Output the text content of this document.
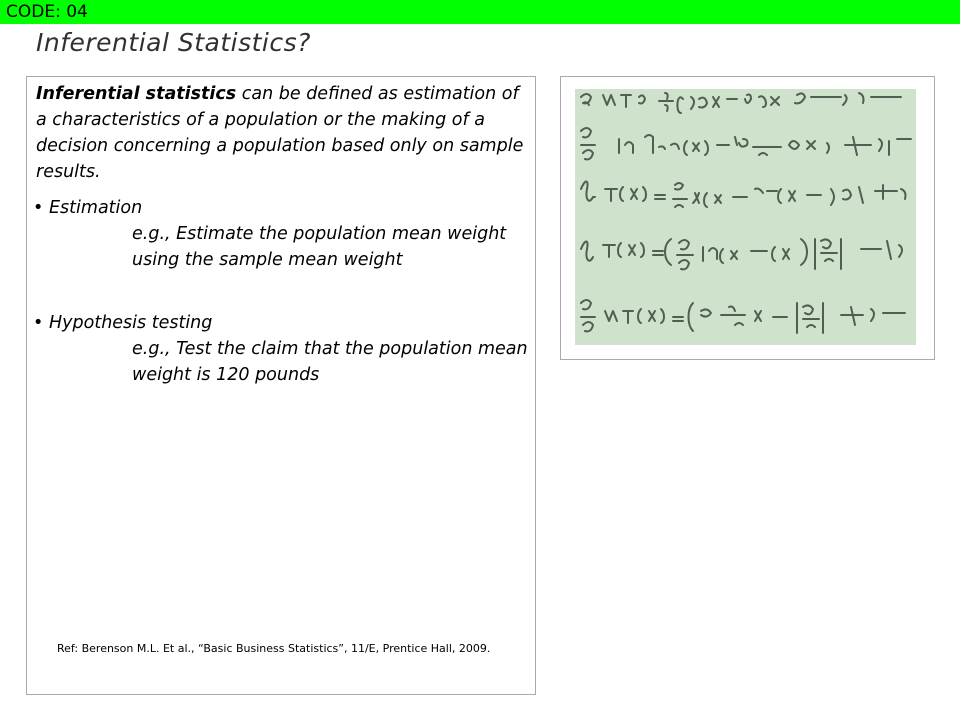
CODE: 04
Inferential Statistics?

Inferential statistics can be defined as estimation of a characteristics of a population or the making of a decision concerning a population based only on sample results.

• Estimation

e.g., Estimate the population mean weight using the sample mean weight

• Hypothesis testing

e.g., Test the claim that the population mean weight is 120 pounds

Ref: Berenson M.L. Et al., “Basic Business Statistics”, 11/E, Prentice Hall, 2009.
